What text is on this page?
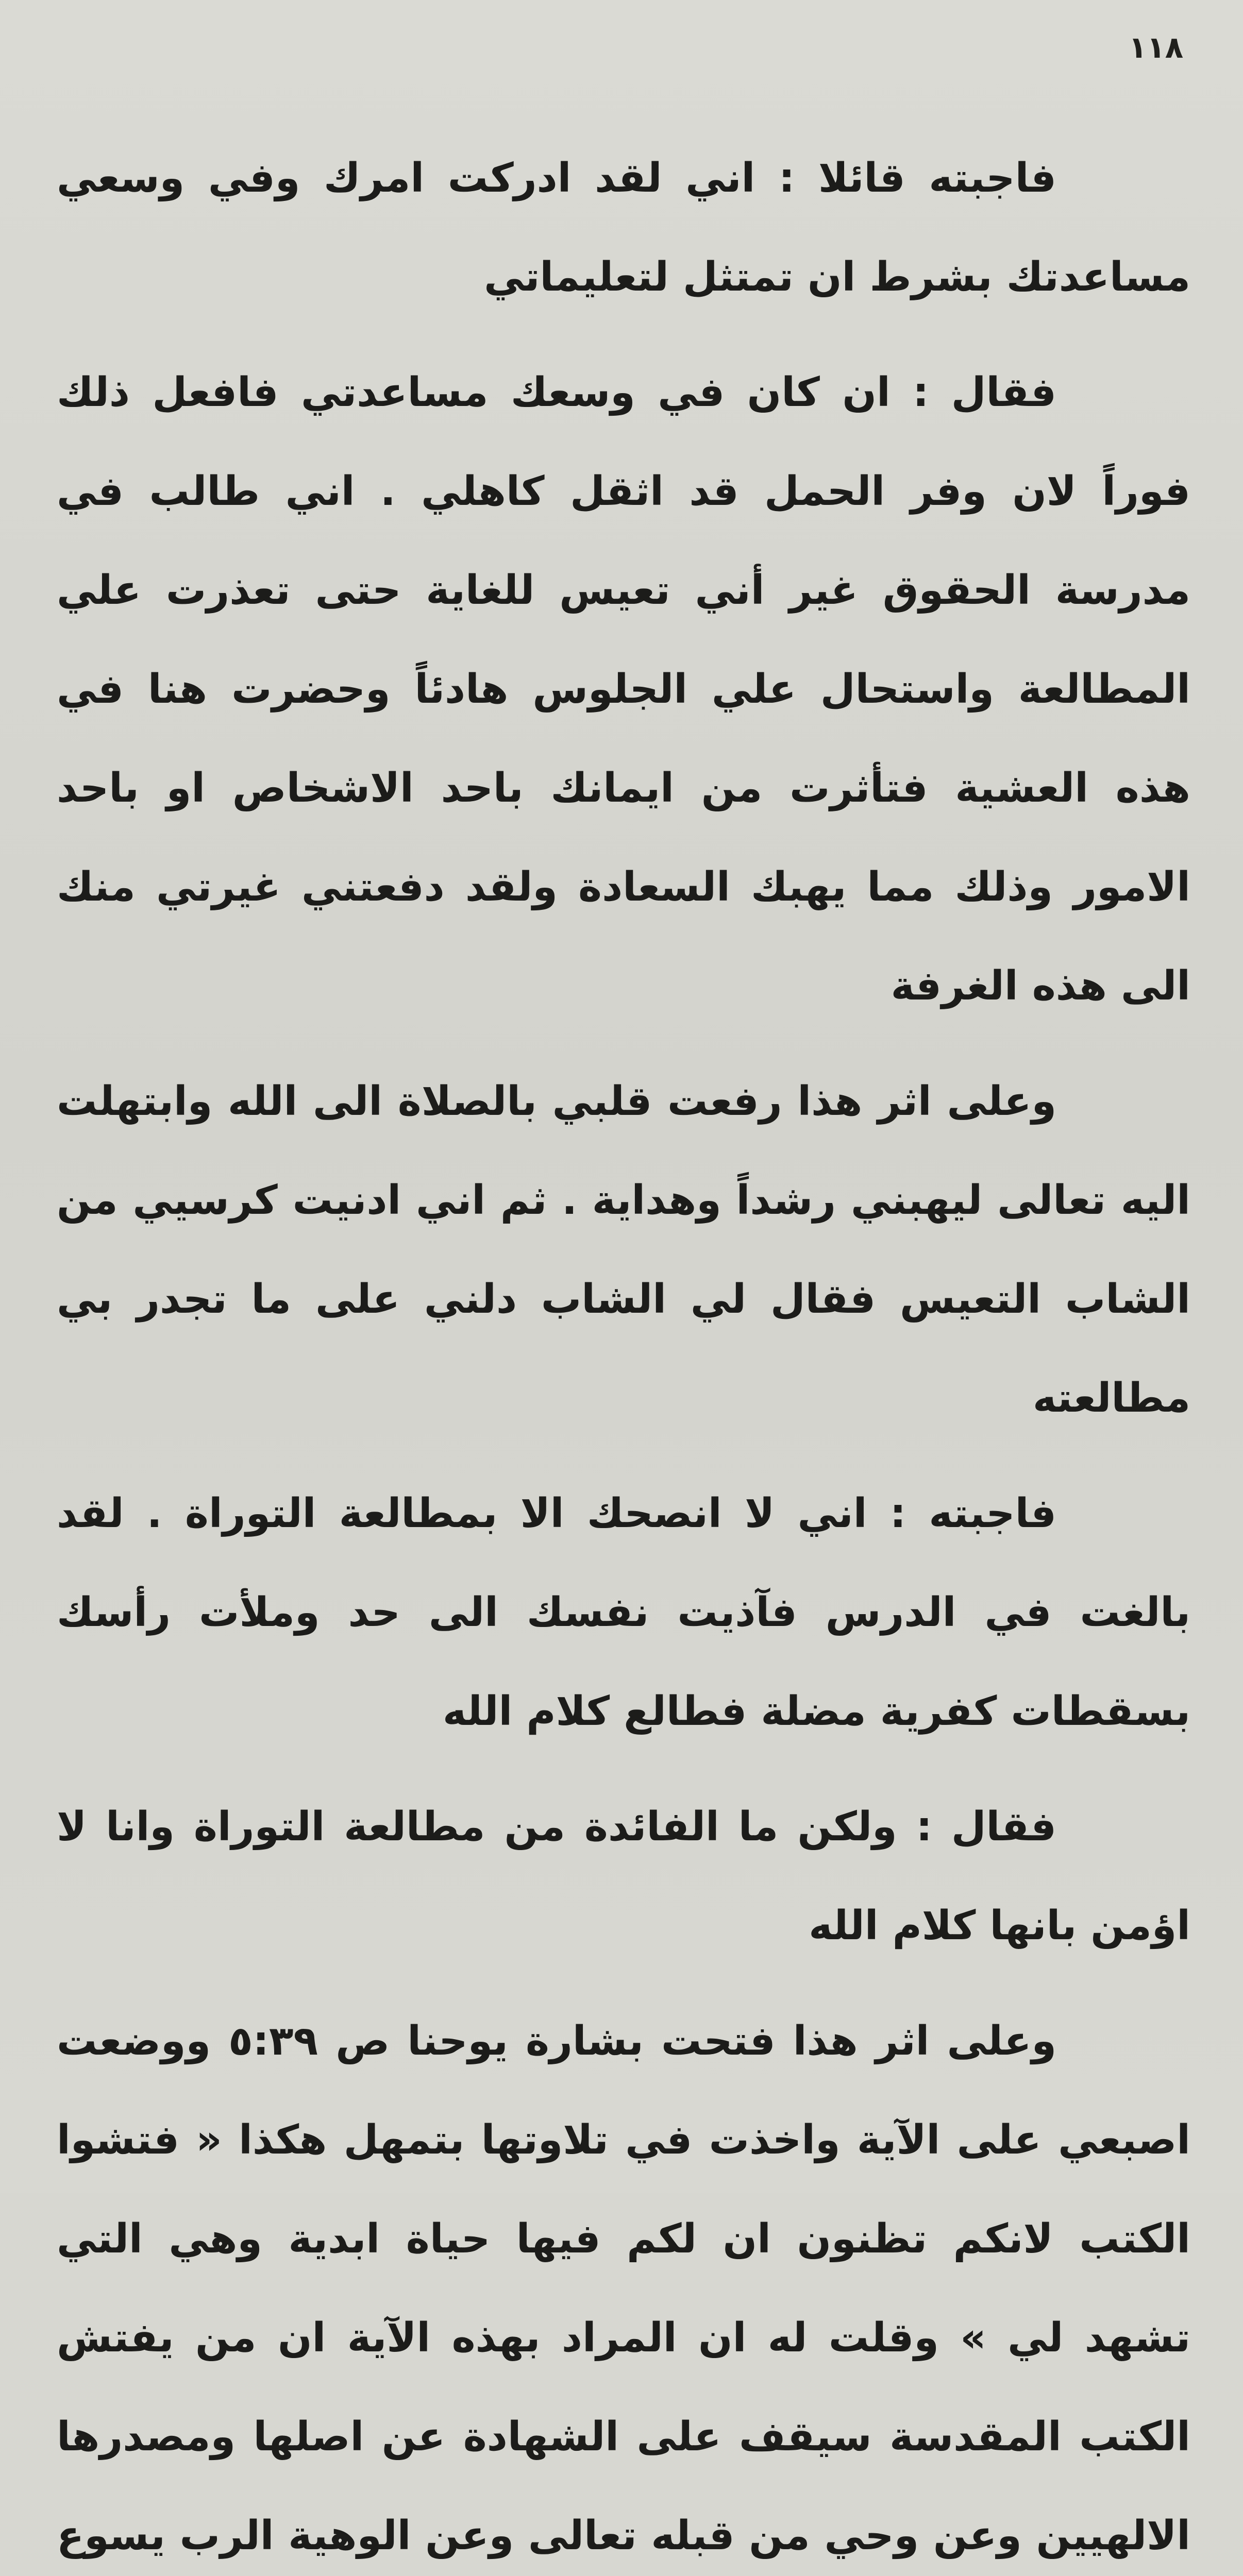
١١٨

فاجبته قائلا : اني لقد ادركت امرك وفي وسعي مساعدتك بشرط ان تمتثل لتعليماتي

فقال : ان كان في وسعك مساعدتي فافعل ذلك فوراً لان وفر الحمل قد اثقل كاهلي . اني طالب في مدرسة الحقوق غير أني تعيس للغاية حتى تعذرت علي المطالعة واستحال علي الجلوس هادئاً وحضرت هنا في هذه العشية فتأثرت من ايمانك باحد الاشخاص او باحد الامور وذلك مما يهبك السعادة ولقد دفعتني غيرتي منك الى هذه الغرفة

وعلى اثر هذا رفعت قلبي بالصلاة الى الله وابتهلت اليه تعالى ليهبني رشداً وهداية . ثم اني ادنيت كرسيي من الشاب التعيس فقال لي الشاب دلني على ما تجدر بي مطالعته

فاجبته : اني لا انصحك الا بمطالعة التوراة . لقد بالغت في الدرس فآذيت نفسك الى حد وملأت رأسك بسقطات كفرية مضلة فطالع كلام الله

فقال : ولكن ما الفائدة من مطالعة التوراة وانا لا اؤمن بانها كلام الله

وعلى اثر هذا فتحت بشارة يوحنا ص ٥:٣٩ ووضعت اصبعي على الآية واخذت في تلاوتها بتمهل هكذا « فتشوا الكتب لانكم تظنون ان لكم فيها حياة ابدية وهي التي تشهد لي » وقلت له ان المراد بهذه الآية ان من يفتش الكتب المقدسة سيقف على الشهادة عن اصلها ومصدرها الالهيين وعن وحي من قبله تعالى وعن الوهية الرب يسوع
